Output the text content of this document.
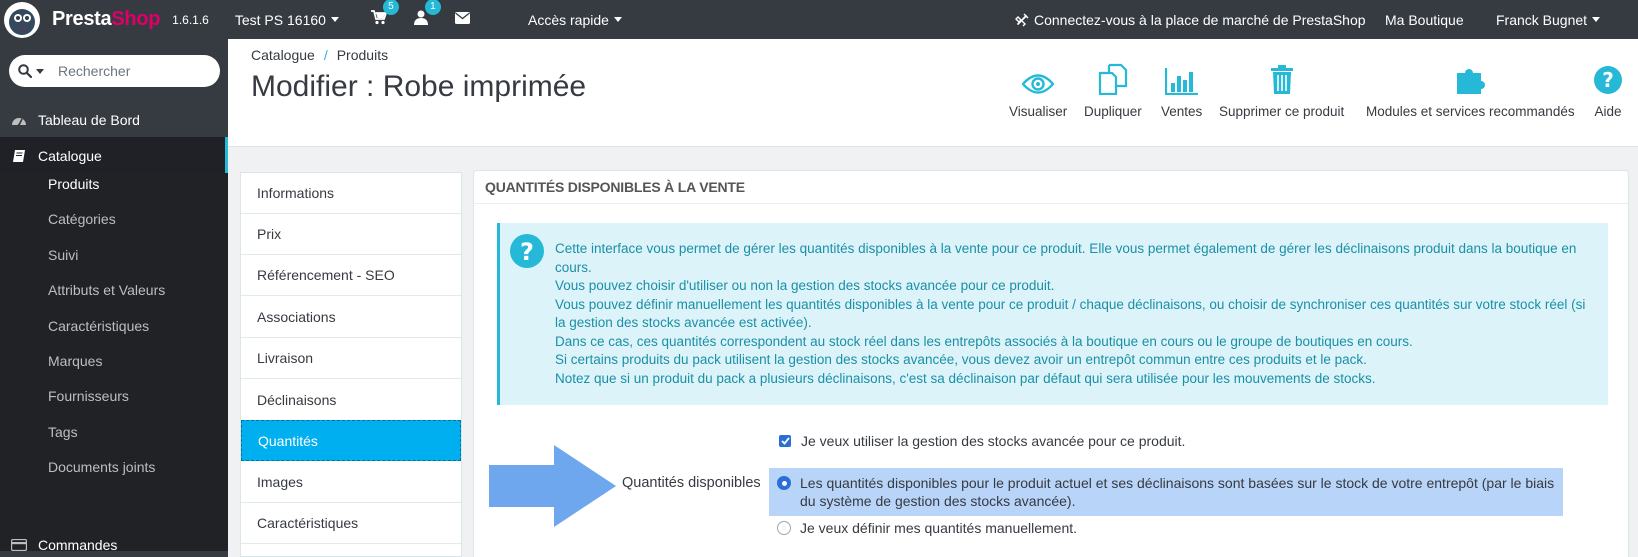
PrestaShop 1.6.1.6 Test PS 16160
5	1
Accès rapide	Connectez-vous à la place de marché de PrestaShop Ma Boutique Franck Bugnet
Rechercher
Tableau de Bord
Catalogue
Produits
Catégories
Suivi
Attributs et Valeurs
Caractéristiques
Marques
Fournisseurs
Tags
Documents joints
Commandes
Catalogue / Produits
Modifier : Robe imprimée
Visualiser Dupliquer Ventes Supprimer ce produit Modules et services recommandés
?
Aide
Informations
Prix
Référencement - SEO
Associations
Livraison
Déclinaisons
Quantités
Images
Caractéristiques
QUANTITÉS DISPONIBLES À LA VENTE
? Cette interface vous permet de gérer les quantités disponibles à la vente pour ce produit. Elle vous permet également de gérer les déclinaisons produit dans la boutique en cours.
Vous pouvez choisir d'utiliser ou non la gestion des stocks avancée pour ce produit.
Vous pouvez définir manuellement les quantités disponibles à la vente pour ce produit / chaque déclinaisons, ou choisir de synchroniser ces quantités sur votre stock réel (si la gestion des stocks avancée est activée).
Dans ce cas, ces quantités correspondent au stock réel dans les entrepôts associés à la boutique en cours ou le groupe de boutiques en cours.
Si certains produits du pack utilisent la gestion des stocks avancée, vous devez avoir un entrepôt commun entre ces produits et le pack.
Notez que si un produit du pack a plusieurs déclinaisons, c'est sa déclinaison par défaut qui sera utilisée pour les mouvements de stocks.
Je veux utiliser la gestion des stocks avancée pour ce produit.
Quantités disponibles	Les quantités disponibles pour le produit actuel et ses déclinaisons sont basées sur le stock de votre entrepôt (par le biais du système de gestion des stocks avancée).
Je veux définir mes quantités manuellement.
